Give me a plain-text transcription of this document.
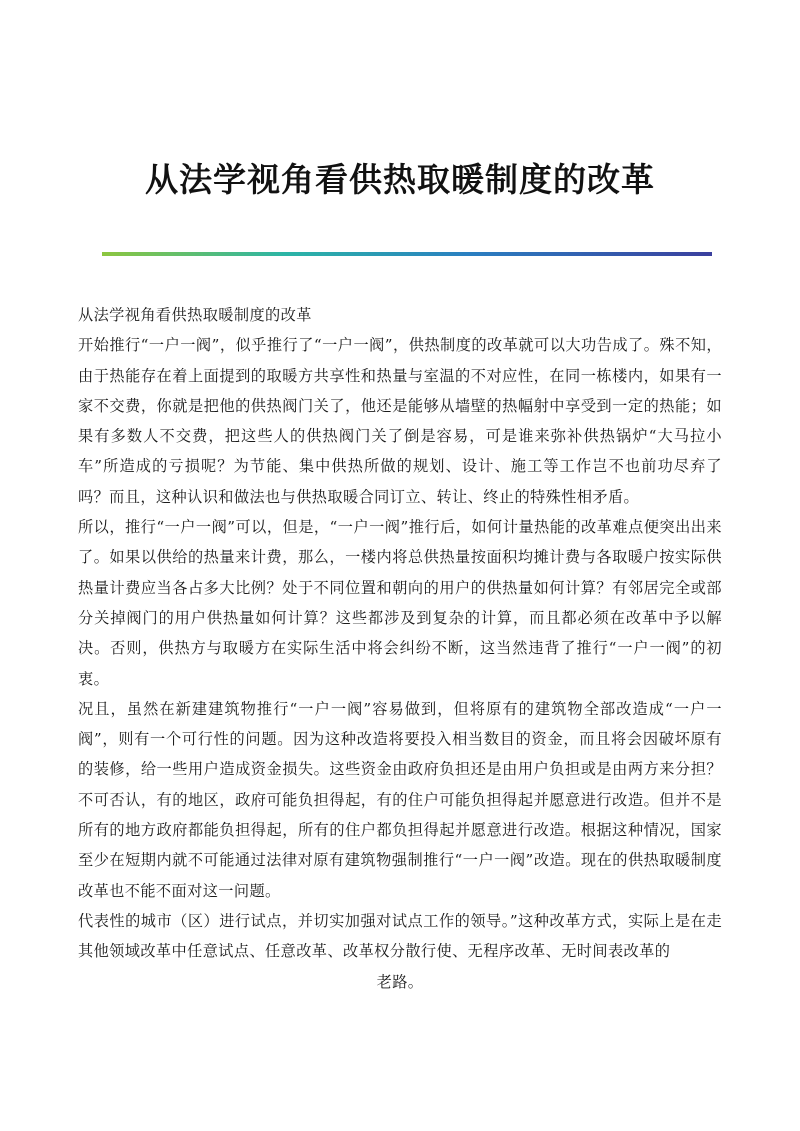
从法学视角看供热取暖制度的改革

从法学视角看供热取暖制度的改革

开始推行“一户一阀”，似乎推行了“一户一阀”，供热制度的改革就可以大功告成了。殊不知，由于热能存在着上面提到的取暖方共享性和热量与室温的不对应性，在同一栋楼内，如果有一家不交费，你就是把他的供热阀门关了，他还是能够从墙壁的热幅射中享受到一定的热能；如果有多数人不交费，把这些人的供热阀门关了倒是容易，可是谁来弥补供热锅炉“大马拉小车”所造成的亏损呢？为节能、集中供热所做的规划、设计、施工等工作岂不也前功尽弃了吗？而且，这种认识和做法也与供热取暖合同订立、转让、终止的特殊性相矛盾。

所以，推行“一户一阀”可以，但是，“一户一阀”推行后，如何计量热能的改革难点便突出出来了。如果以供给的热量来计费，那么，一楼内将总供热量按面积均摊计费与各取暖户按实际供热量计费应当各占多大比例？处于不同位置和朝向的用户的供热量如何计算？有邻居完全或部分关掉阀门的用户供热量如何计算？这些都涉及到复杂的计算，而且都必须在改革中予以解决。否则，供热方与取暖方在实际生活中将会纠纷不断，这当然违背了推行“一户一阀”的初衷。

况且，虽然在新建建筑物推行“一户一阀”容易做到，但将原有的建筑物全部改造成“一户一阀”，则有一个可行性的问题。因为这种改造将要投入相当数目的资金，而且将会因破坏原有的装修，给一些用户造成资金损失。这些资金由政府负担还是由用户负担或是由两方来分担？不可否认，有的地区，政府可能负担得起，有的住户可能负担得起并愿意进行改造。但并不是所有的地方政府都能负担得起，所有的住户都负担得起并愿意进行改造。根据这种情况，国家至少在短期内就不可能通过法律对原有建筑物强制推行“一户一阀”改造。现在的供热取暖制度改革也不能不面对这一问题。

代表性的城市（区）进行试点，并切实加强对试点工作的领导。”这种改革方式，实际上是在走其他领域改革中任意试点、任意改革、改革权分散行使、无程序改革、无时间表改革的

老路。
